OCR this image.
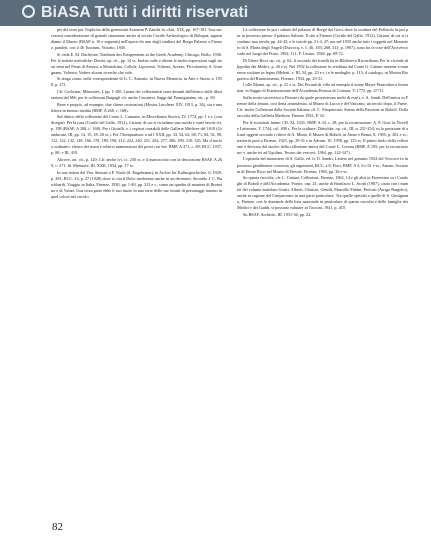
BiASA Tutti i diritti riservati

pie del testo per l'esplicita della generosità Avanzini P. Zanchi in «Atti, XIX, pp. 167-181. Una successiva considerazione di geniale situazione anche al secolo Cortile Archeologico di Bologna, apprendiamo il Museo (BSAF n. 16 e seguenti) nell'opera chi uno degli studiosi del Borgo Palazzo a Firenze, pandett. con il 36 Tuscium, Vittorio, 1945.

Si veda E. M. Duchesne, Tradition des Esfagements in the Greek Academy, Chicago, Bollo, 1936. Per le notizie melodiche: Dorini, op. cit., pp. 14 ss. Inoltre sulle e ultime le molte espressioni sugli stessi temi nel Fenzi di Arezzo, a Montalcino, Cellole, Lipoventi, Volterra, Arezzo, Piccolomini, S. Gimignano, Volterra: Vedere alcune ricerche che vale.

Si tenga conto: nelle corrispondenze di G. C. Antonio, in Nuova Memoria, in Arte e Storia, a. 1938, p. 271.

Cfr. Cochrane, Mémoires, I, pp. 1-100. I nomi dei collezionisti sono desunti dall'elenco delle illustrazioni del MS; per le collezioni Bargagli cfr. anche Cassinesi, Saggi dal Parmigianino, etc., p. 69.

Bene e proprio, ad esempio, due chiese costruzioni (Mostra Lucchese XIV, 1913, p. 34), sia e una lettera in bronzo inedita (BMF, A 268, c. 168).

Sul dittico della collezione del Conte L. Cattaneo, in Miscellanea Storica, IV, 1774, pp. 1 e s. (con disegni). Per la rosa (Cortile del Gallo, 1912), Cattani, di cui si ricordano una tavola e varie tavole ivi, p. 198 (BSAF, A 268, c. 168). Per i Gioielli, v. i registri contabili delle Gallerie Medicee del 1618 (Granducato, III, pp. 14, 15, 18, 20 ss.). Per l'Antiquarium: a ad I XXII, pp. 34, 54, 62, 68, 71, 84, 92, 98, 112, 122, 132, 148, 166, 178, 189, 198, 212, 222, 240, 251, 262, 277, 286, 290, 310, 325. Ma il nucleo ordinario: elenco dei nomi e relativi numerazioni del pezzi con Inv. BMF, A 271, c. 89; BCC, 1937, p. 80: e III, 419.

Altrove, art. cit., p. 120; Cfr. anche ivi, cc. 230 ss. e il manoscritto con la descrizione BSAF, A 269, c. 271. Id. Memorie, III, XXII, 1934, pp. 17 ss.

In una lettera del Ven. Simone a P. Vitale (S. Engelmann), in Archiv für Kulturgeschichte, 6, 1929, p. 281; BCC, 23, p. 27 (1928) dove si cita il Dolci medesimo anche in un decennio. Secondo J. C. Burckhardt, Viaggio in Italia, Firenze, 1930, pp. 1-40, pp. 213 e s., come un quadro di maniera di Bronzino e di Vasari. Una terza parte ebbe il suo inizio in una serie delle sue ritratti di personaggi intorno in quel colore nel circolo.

La collezione fu poi i sabato del palazzo di Borgo dei Greci dove la scultura del Pollaiolo fu poi pur in possesso presso il palazzo Salviati. Il sito a Firenze (Cortile del Gallo, 1912), Cattani, di cui si ricordano una tavola, pp. 44-43; e le tavole pp. 31-4, 47; ma nel 1935 anche tutti i soggetti nel Monastero di S. Maria degli Angeli (Ducrocq, v. 1, 46, 183; 268, 311; p. 1907), sono fra le cose dell'Arcivescovado nel luogo del Prato, 1902; 111; P. Ursino, 1928, pp. 69-72.

Di Ettore Ricci op. cit., p. 62, il secondo dei fratelli ha in Biblioteca Riccardiana. Per le vicende di Ippolito dei Medici, p. 40 e ss. Nel 1932 la collezione fu ereditata dal Conte G. Cattani insieme a numerose sculture in legno (Meletti, v. III, 54, pp. 23 e s.) e le medaglie, p. 113; il catalogo, in Mostra Biografica del Rinascimento, Firenze, 1934, pp. 25-31.

Colle Manni, op. cit., p. 21 e ss. Dei Pecunii di villa ad esempio il nome Mayer Pinacotheca fiorentina, in Saggio di Estetizzazione dell'Accademia Etrusca di Cortona, V, 1775, pp. 47-51.

Sulla storia successiva a Firenze (da quale provenivano molti di esse), v. A. Sandi, Dell'antica in Firenze della lettura, così detta «manifesta» al Museo di Lucca e del Vaticano, un secolo dopo, il Paese. Cfr. anche Collezioni della Società Italiana «S. C. Pasquinoni» Statua della Passione in Boboli. Della raccolta della Galleria Medicea, Firenze 1932, P. 34.

Per le iscrizioni latine: CIL XI, 1031; BMF, A 34, c. 28; per la ricostruzione: A. P. Gori, in Novelle Letterarie, V, 1744, col. 408 s. Per le sculture: Dütschke, op. cit., III, n. 251-254; su la posizione di alcuni oggetti secondo i rilievi di A. Minto, Il Museo di Boboli, in Atene e Roma, 8, 1905, p. 202 e ss.; trasferiti pure a Firenze, 1925, pp. 29-31 e in Adsum, 10, 1958, pp. 125 ss. Il primo titolo della collezione è derivato dal nucleo della collezione antica del Conte L. Corsini (BMF, A 195; per la ricostruzione; v. anche ivi ad Ugolino, Tesoro dei vescovi, 1964, pp. 122-147).

L'epistola nel monastero di S. Gallo, ed. fr. Il. Sandri, Lettere nel gennaio 1924 del Vescovo fu in possesso gentilmente concessa, gli argomenti, BCC, a 8, Fiori, BMF, A 3, 6 e 61 e ss.; Amato, Iscrizioni di Ettore Ricci nel Museo di Fiesole, Firenze, 1903, pp. 36 e ss.

Su questa raccolta, cfr. L. Cattani, Collezioni, Firenze, 1962, 14 e gli altri in Fiorentino su i Cataloghi di Boboli e dell'Accademia. Poesie, cap. 21, anche di Bonifacio L. Scotti (1907), citato con i numeri del volume intitolato Giusti, Alberti, Gloriosi, Gentili, Marcello Fabbri, Proforti (Arrigo Bargelio), anche in ragione del Cinquecento in una parte particolare. Tra quelle speciali e quelle di S. Gimignano, Firenze, con le domande della lista nazionale in particolare di questa raccolta e delle famiglie dei Medici e dei Gaddi, si possono valutare in Tacconi, 1941, p. 410.

Su BSAF, Archivio, III, 1931-36, pp. 22.

82
